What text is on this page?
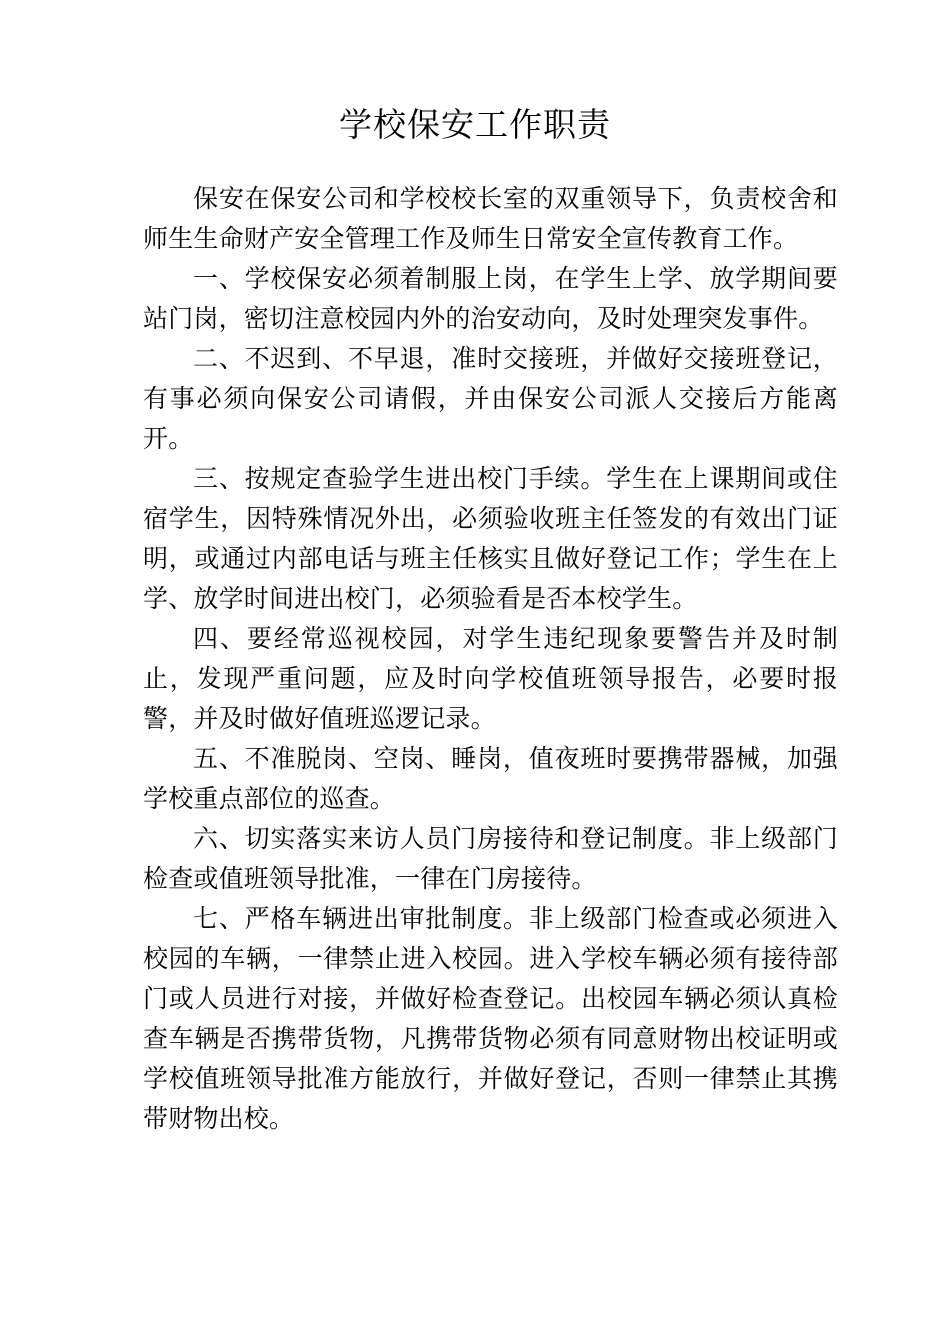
学校保安工作职责

保安在保安公司和学校校长室的双重领导下，负责校舍和师生生命财产安全管理工作及师生日常安全宣传教育工作。

一、学校保安必须着制服上岗，在学生上学、放学期间要站门岗，密切注意校园内外的治安动向，及时处理突发事件。

二、不迟到、不早退，准时交接班，并做好交接班登记，有事必须向保安公司请假，并由保安公司派人交接后方能离开。

三、按规定查验学生进出校门手续。学生在上课期间或住宿学生，因特殊情况外出，必须验收班主任签发的有效出门证明，或通过内部电话与班主任核实且做好登记工作；学生在上学、放学时间进出校门，必须验看是否本校学生。

四、要经常巡视校园，对学生违纪现象要警告并及时制止，发现严重问题，应及时向学校值班领导报告，必要时报警，并及时做好值班巡逻记录。

五、不准脱岗、空岗、睡岗，值夜班时要携带器械，加强学校重点部位的巡查。

六、切实落实来访人员门房接待和登记制度。非上级部门检查或值班领导批准，一律在门房接待。

七、严格车辆进出审批制度。非上级部门检查或必须进入校园的车辆，一律禁止进入校园。进入学校车辆必须有接待部门或人员进行对接，并做好检查登记。出校园车辆必须认真检查车辆是否携带货物，凡携带货物必须有同意财物出校证明或学校值班领导批准方能放行，并做好登记，否则一律禁止其携带财物出校。
